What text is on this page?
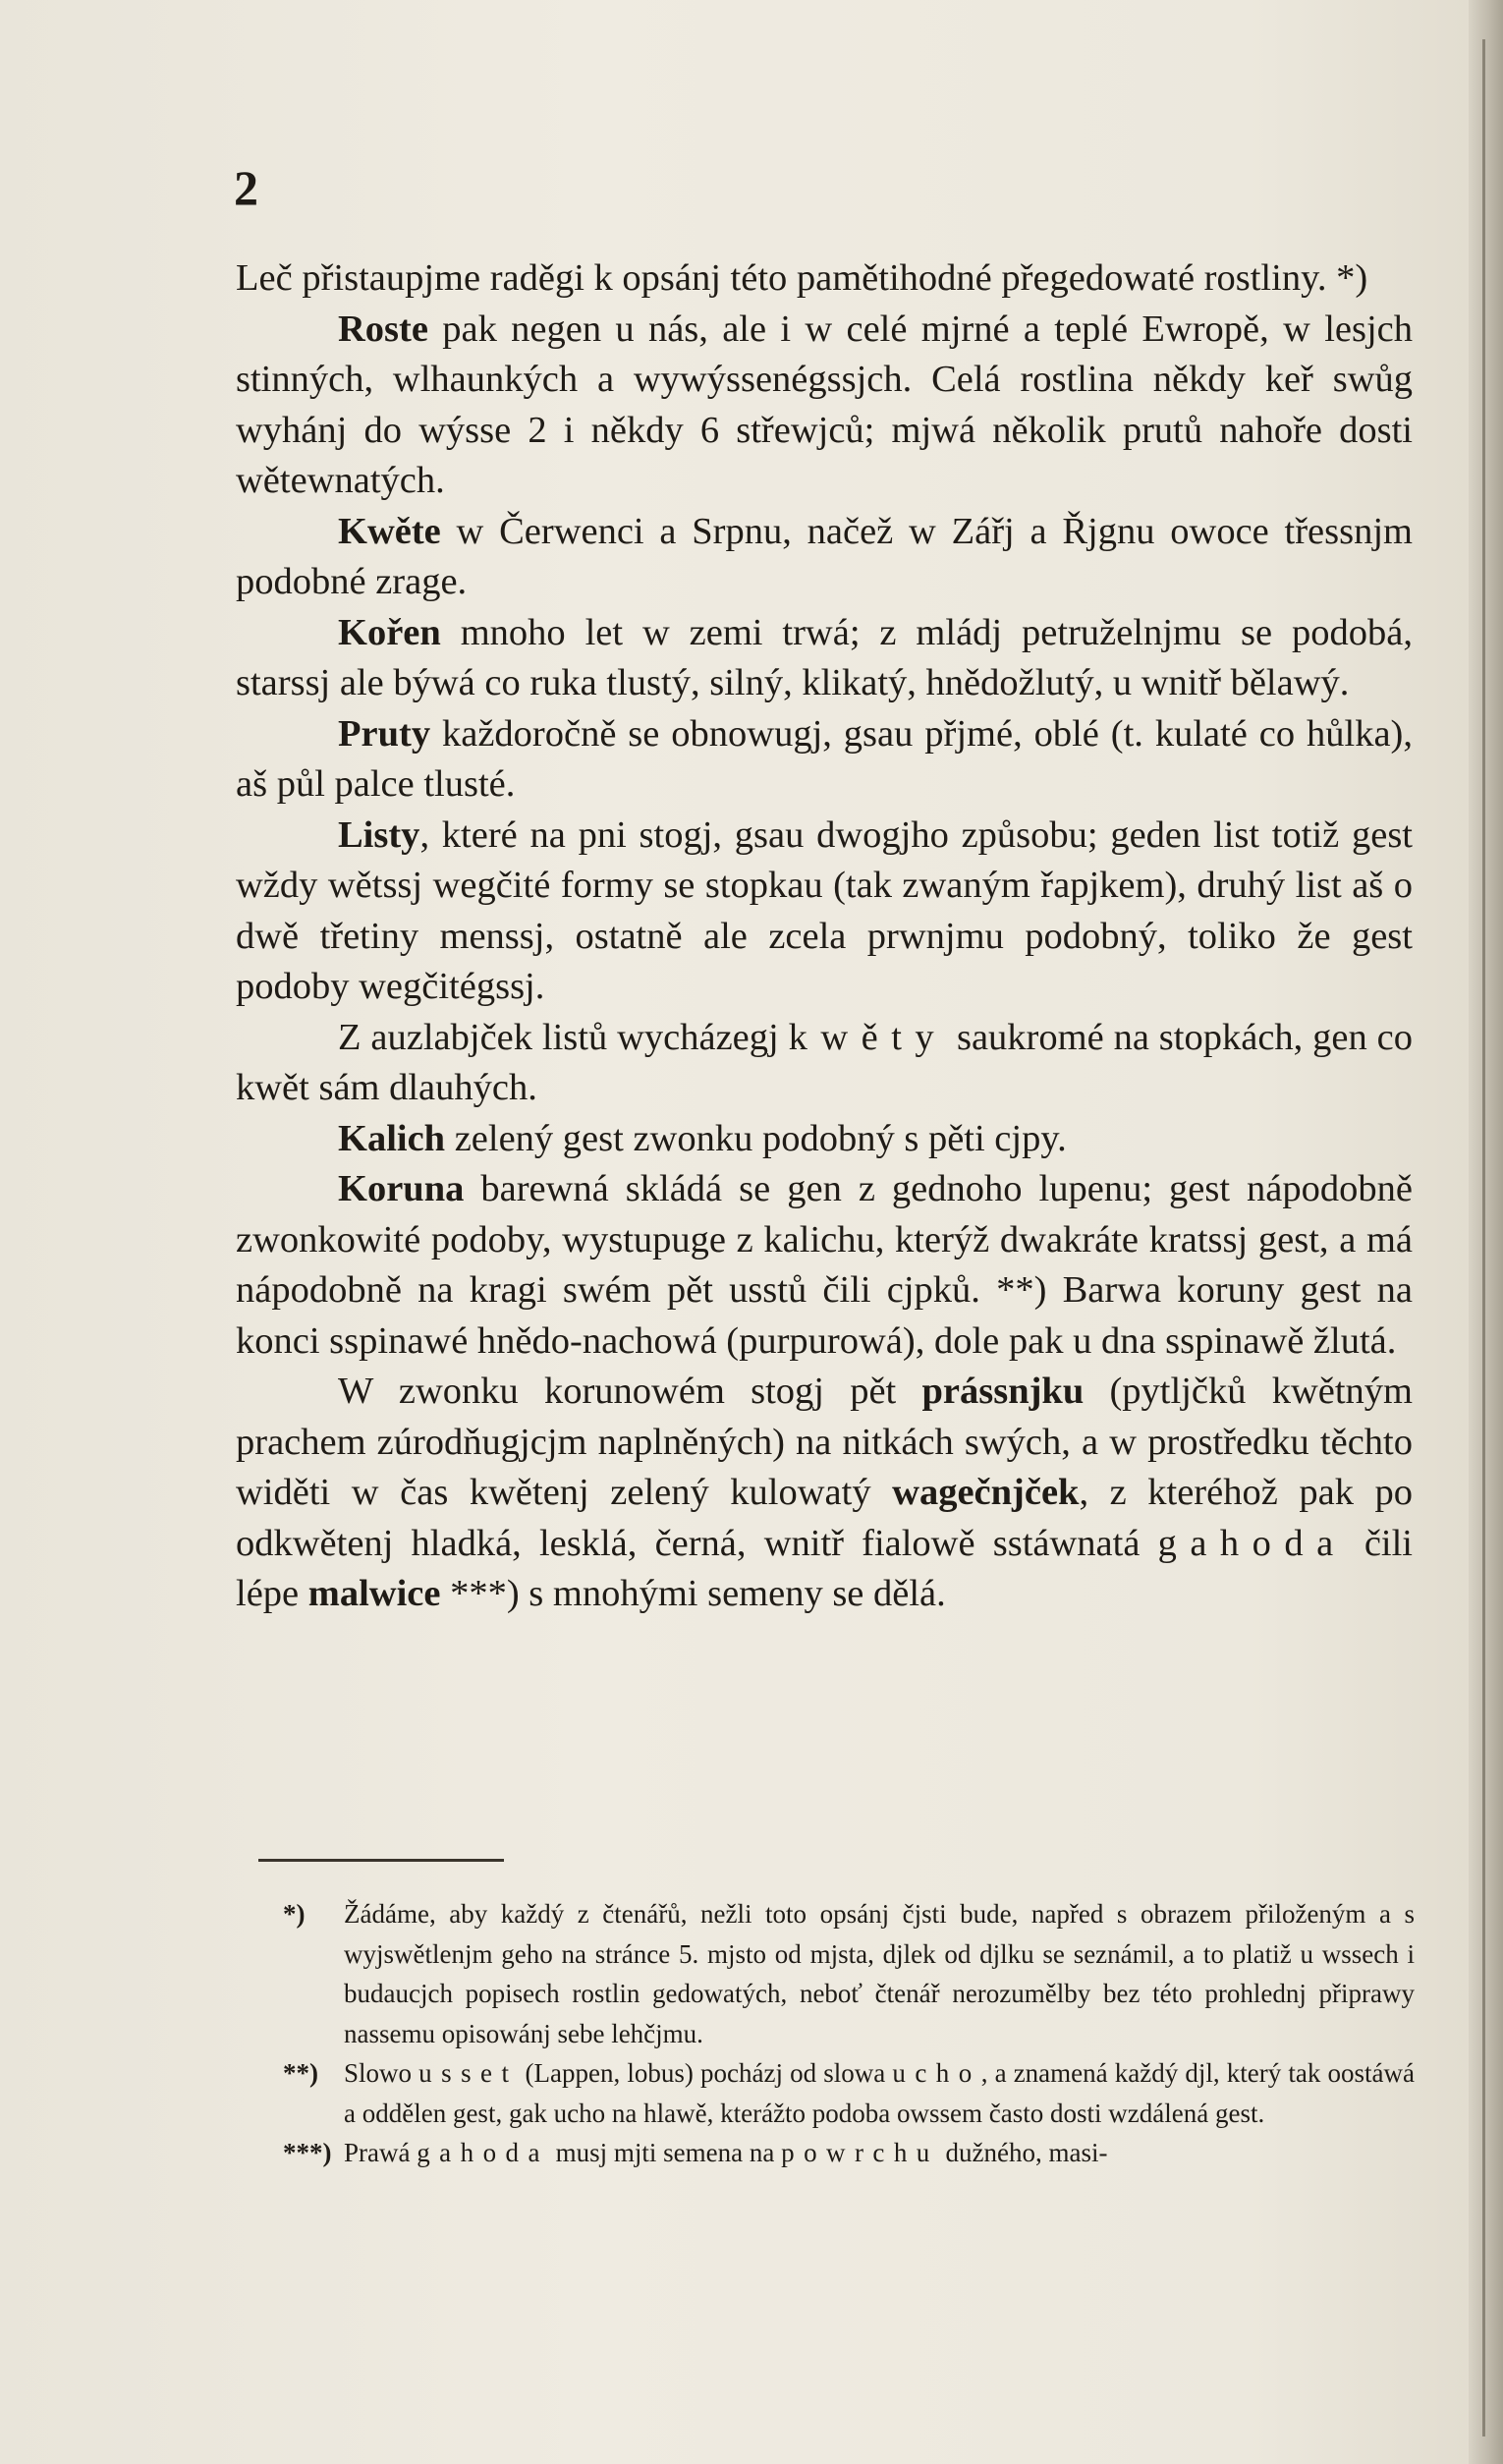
2

Leč přistaupjme raděgi k opsánj této pamětihodné přegedowaté rostliny. *)

Roste pak negen u nás, ale i w celé mjrné a teplé Ewropě, w lesjch stinných, wlhaunkých a wywýssenégssjch. Celá rostlina někdy keř swůg wyhánj do wýsse 2 i někdy 6 střewjců; mjwá několik prutů nahoře dosti wětewnatých.

Kwěte w Čerwenci a Srpnu, načež w Zářj a Řjgnu owoce třessnjm podobné zrage.

Kořen mnoho let w zemi trwá; z mládj petruželnjmu se podobá, starssj ale býwá co ruka tlustý, silný, klikatý, hnědožlutý, u wnitř bělawý.

Pruty každoročně se obnowugj, gsau přjmé, oblé (t. kulaté co hůlka), aš půl palce tlusté.

Listy, které na pni stogj, gsau dwogjho způsobu; geden list totiž gest wždy wětssj wegčité formy se stopkau (tak zwaným řapjkem), druhý list aš o dwě třetiny menssj, ostatně ale zcela prwnjmu podobný, toliko že gest podoby wegčitégssj.

Z auzlabjček listů wycházegj kwěty saukromé na stopkách, gen co kwět sám dlauhých.

Kalich zelený gest zwonku podobný s pěti cjpy.

Koruna barewná skládá se gen z gednoho lupenu; gest nápodobně zwonkowité podoby, wystupuge z kalichu, kterýž dwakráte kratssj gest, a má nápodobně na kragi swém pět usstů čili cjpků. **) Barwa koruny gest na konci sspinawé hnědo-nachowá (purpurowá), dole pak u dna sspinawě žlutá.

W zwonku korunowém stogj pět prássnjku (pytljčků kwětným prachem zúrodňugjcjm naplněných) na nitkách swých, a w prostředku těchto widěti w čas kwětenj zelený kulowatý wagečnjček, z kteréhož pak po odkwětenj hladká, lesklá, černá, wnitř fialowě sstáwnatá gahoda čili lépe malwice ***) s mnohými semeny se dělá.

*) Žádáme, aby každý z čtenářů, nežli toto opsánj čjsti bude, napřed s obrazem přiloženým a s wyjswětlenjm geho na stránce 5. mjsto od mjsta, djlek od djlku se seznámil, a to platiž u wssech i budaucjch popisech rostlin gedowatých, neboť čtenář nerozumělby bez této prohlednj připrawy nassemu opisowánj sebe lehčjmu.

**) Slowo usset (Lappen, lobus) pocházj od slowa ucho, a znamená každý djl, který tak oostáwá a oddělen gest, gak ucho na hlawě, kterážto podoba owssem často dosti wzdálená gest.

***) Prawá gahoda musj mjti semena na powrchu dužného, masi-
